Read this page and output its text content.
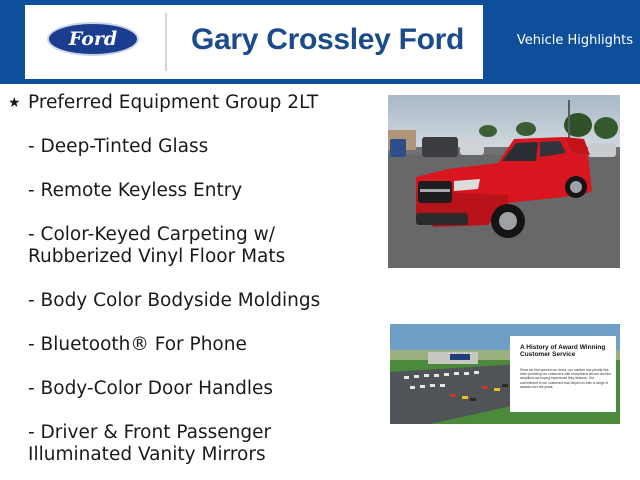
Ford Gary Crossley Ford	Vehicle Highlights
★ Preferred Equipment Group 2LT
- Deep-Tinted Glass
- Remote Keyless Entry
- Color-Keyed Carpeting w/
Rubberized Vinyl Floor Mats
- Body Color Bodyside Moldings
- Bluetooth® For Phone
- Body-Color Door Handles
- Driver & Front Passenger
Illuminated Vanity Mirrors
A History of Award Winning Customer Service
Since we first opened our doors, our number one priority has been providing our customers with exceptional service and the simplified car-buying experience they deserve. Our commitment to our customers has helped us earn a range of awards over the years.
